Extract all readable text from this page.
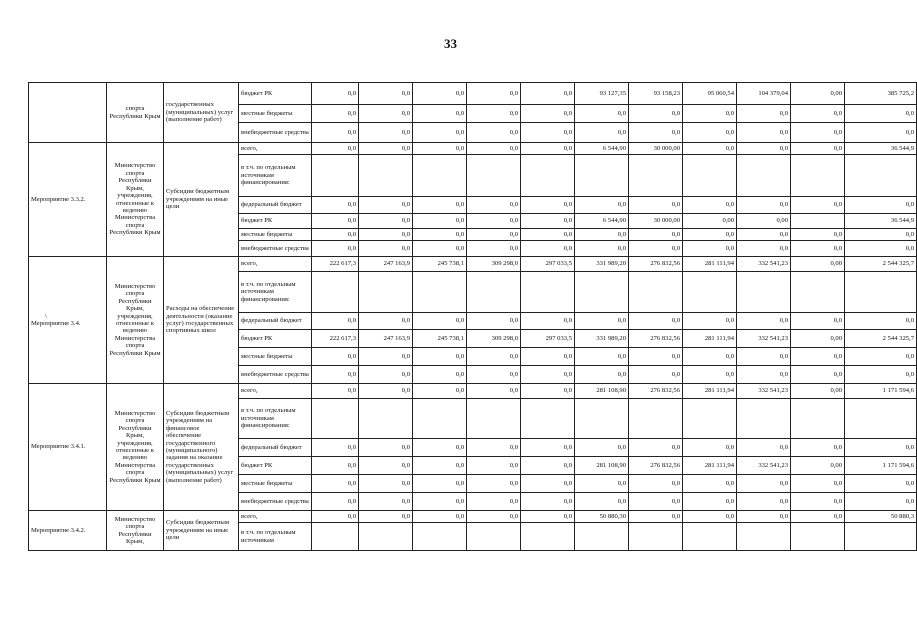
33
	спорта Республики Крым	государственных (муниципальных) услуг (выполнение работ)	бюджет РК	0,0	0,0	0,0	0,0	0,0	93 127,35	93 158,23	95 060,54	104 379,04	0,00	385 725,2
			местные бюджеты	0,0	0,0	0,0	0,0	0,0	0,0	0,0	0,0	0,0	0,0	0,0
			внебюджетные средства	0,0	0,0	0,0	0,0	0,0	0,0	0,0	0,0	0,0	0,0	0,0

Мероприятие 3.3.2.	Министерство спорта Республики Крым, учреждения, отнесенные к ведению Министерства спорта Республики Крым	Субсидии бюджетным учреждениям на иные цели	всего,	0,0	0,0	0,0	0,0	0,0	6 544,90	30 000,00	0,0	0,0	0,0	36 544,9
			в т.ч. по отдельным источникам финансирования:											
			федеральный бюджет	0,0	0,0	0,0	0,0	0,0	0,0	0,0	0,0	0,0	0,0	0,0
			бюджет РК	0,0	0,0	0,0	0,0	0,0	6 544,90	30 000,00	0,00	0,00		36 544,9
			местные бюджеты	0,0	0,0	0,0	0,0	0,0	0,0	0,0	0,0	0,0	0,0	0,0
			внебюджетные средства	0,0	0,0	0,0	0,0	0,0	0,0	0,0	0,0	0,0	0,0	0,0

\
Мероприятие 3.4.	Министерство спорта Республики Крым, учреждения, отнесенные к ведению Министерства спорта Республики Крым	Расходы на обеспечение деятельности (оказание услуг) государственных спортивных школ	всего,	222 617,3	247 163,9	245 738,1	309 298,0	297 033,5	331 989,20	276 832,56	281 111,94	332 541,23	0,00	2 544 325,7
			в т.ч. по отдельным источникам финансирования:											
			федеральный бюджет	0,0	0,0	0,0	0,0	0,0	0,0	0,0	0,0	0,0	0,0	0,0
			бюджет РК	222 617,3	247 163,9	245 738,1	309 298,0	297 033,5	331 989,20	276 832,56	281 111,94	332 541,23	0,00	2 544 325,7
			местные бюджеты	0,0	0,0	0,0	0,0	0,0	0,0	0,0	0,0	0,0	0,0	0,0
			внебюджетные средства	0,0	0,0	0,0	0,0	0,0	0,0	0,0	0,0	0,0	0,0	0,0

Мероприятие 3.4.1.	Министерство спорта Республики Крым, учреждения, отнесенные к ведению Министерства спорта Республики Крым	Субсидии бюджетным учреждениям на финансовое обеспечение государственного (муниципального) задания на оказание государственных (муниципальных) услуг (выполнение работ)	всего,	0,0	0,0	0,0	0,0	0,0	281 108,90	276 832,56	281 111,94	332 541,23	0,00	1 171 594,6
			в т.ч. по отдельным источникам финансирования:											
			федеральный бюджет	0,0	0,0	0,0	0,0	0,0	0,0	0,0	0,0	0,0	0,0	0,0
			бюджет РК	0,0	0,0	0,0	0,0	0,0	281 108,90	276 832,56	281 111,94	332 541,23	0,00	1 171 594,6
			местные бюджеты	0,0	0,0	0,0	0,0	0,0	0,0	0,0	0,0	0,0	0,0	0,0
			внебюджетные средства	0,0	0,0	0,0	0,0	0,0	0,0	0,0	0,0	0,0	0,0	0,0

Мероприятие 3.4.2.	Министерство спорта Республики Крым,	Субсидии бюджетным учреждениям на иные цели	всего,	0,0	0,0	0,0	0,0	0,0	50 880,30	0,0	0,0	0,0	0,0	50 880,3
			в т.ч. по отдельным источникам											
